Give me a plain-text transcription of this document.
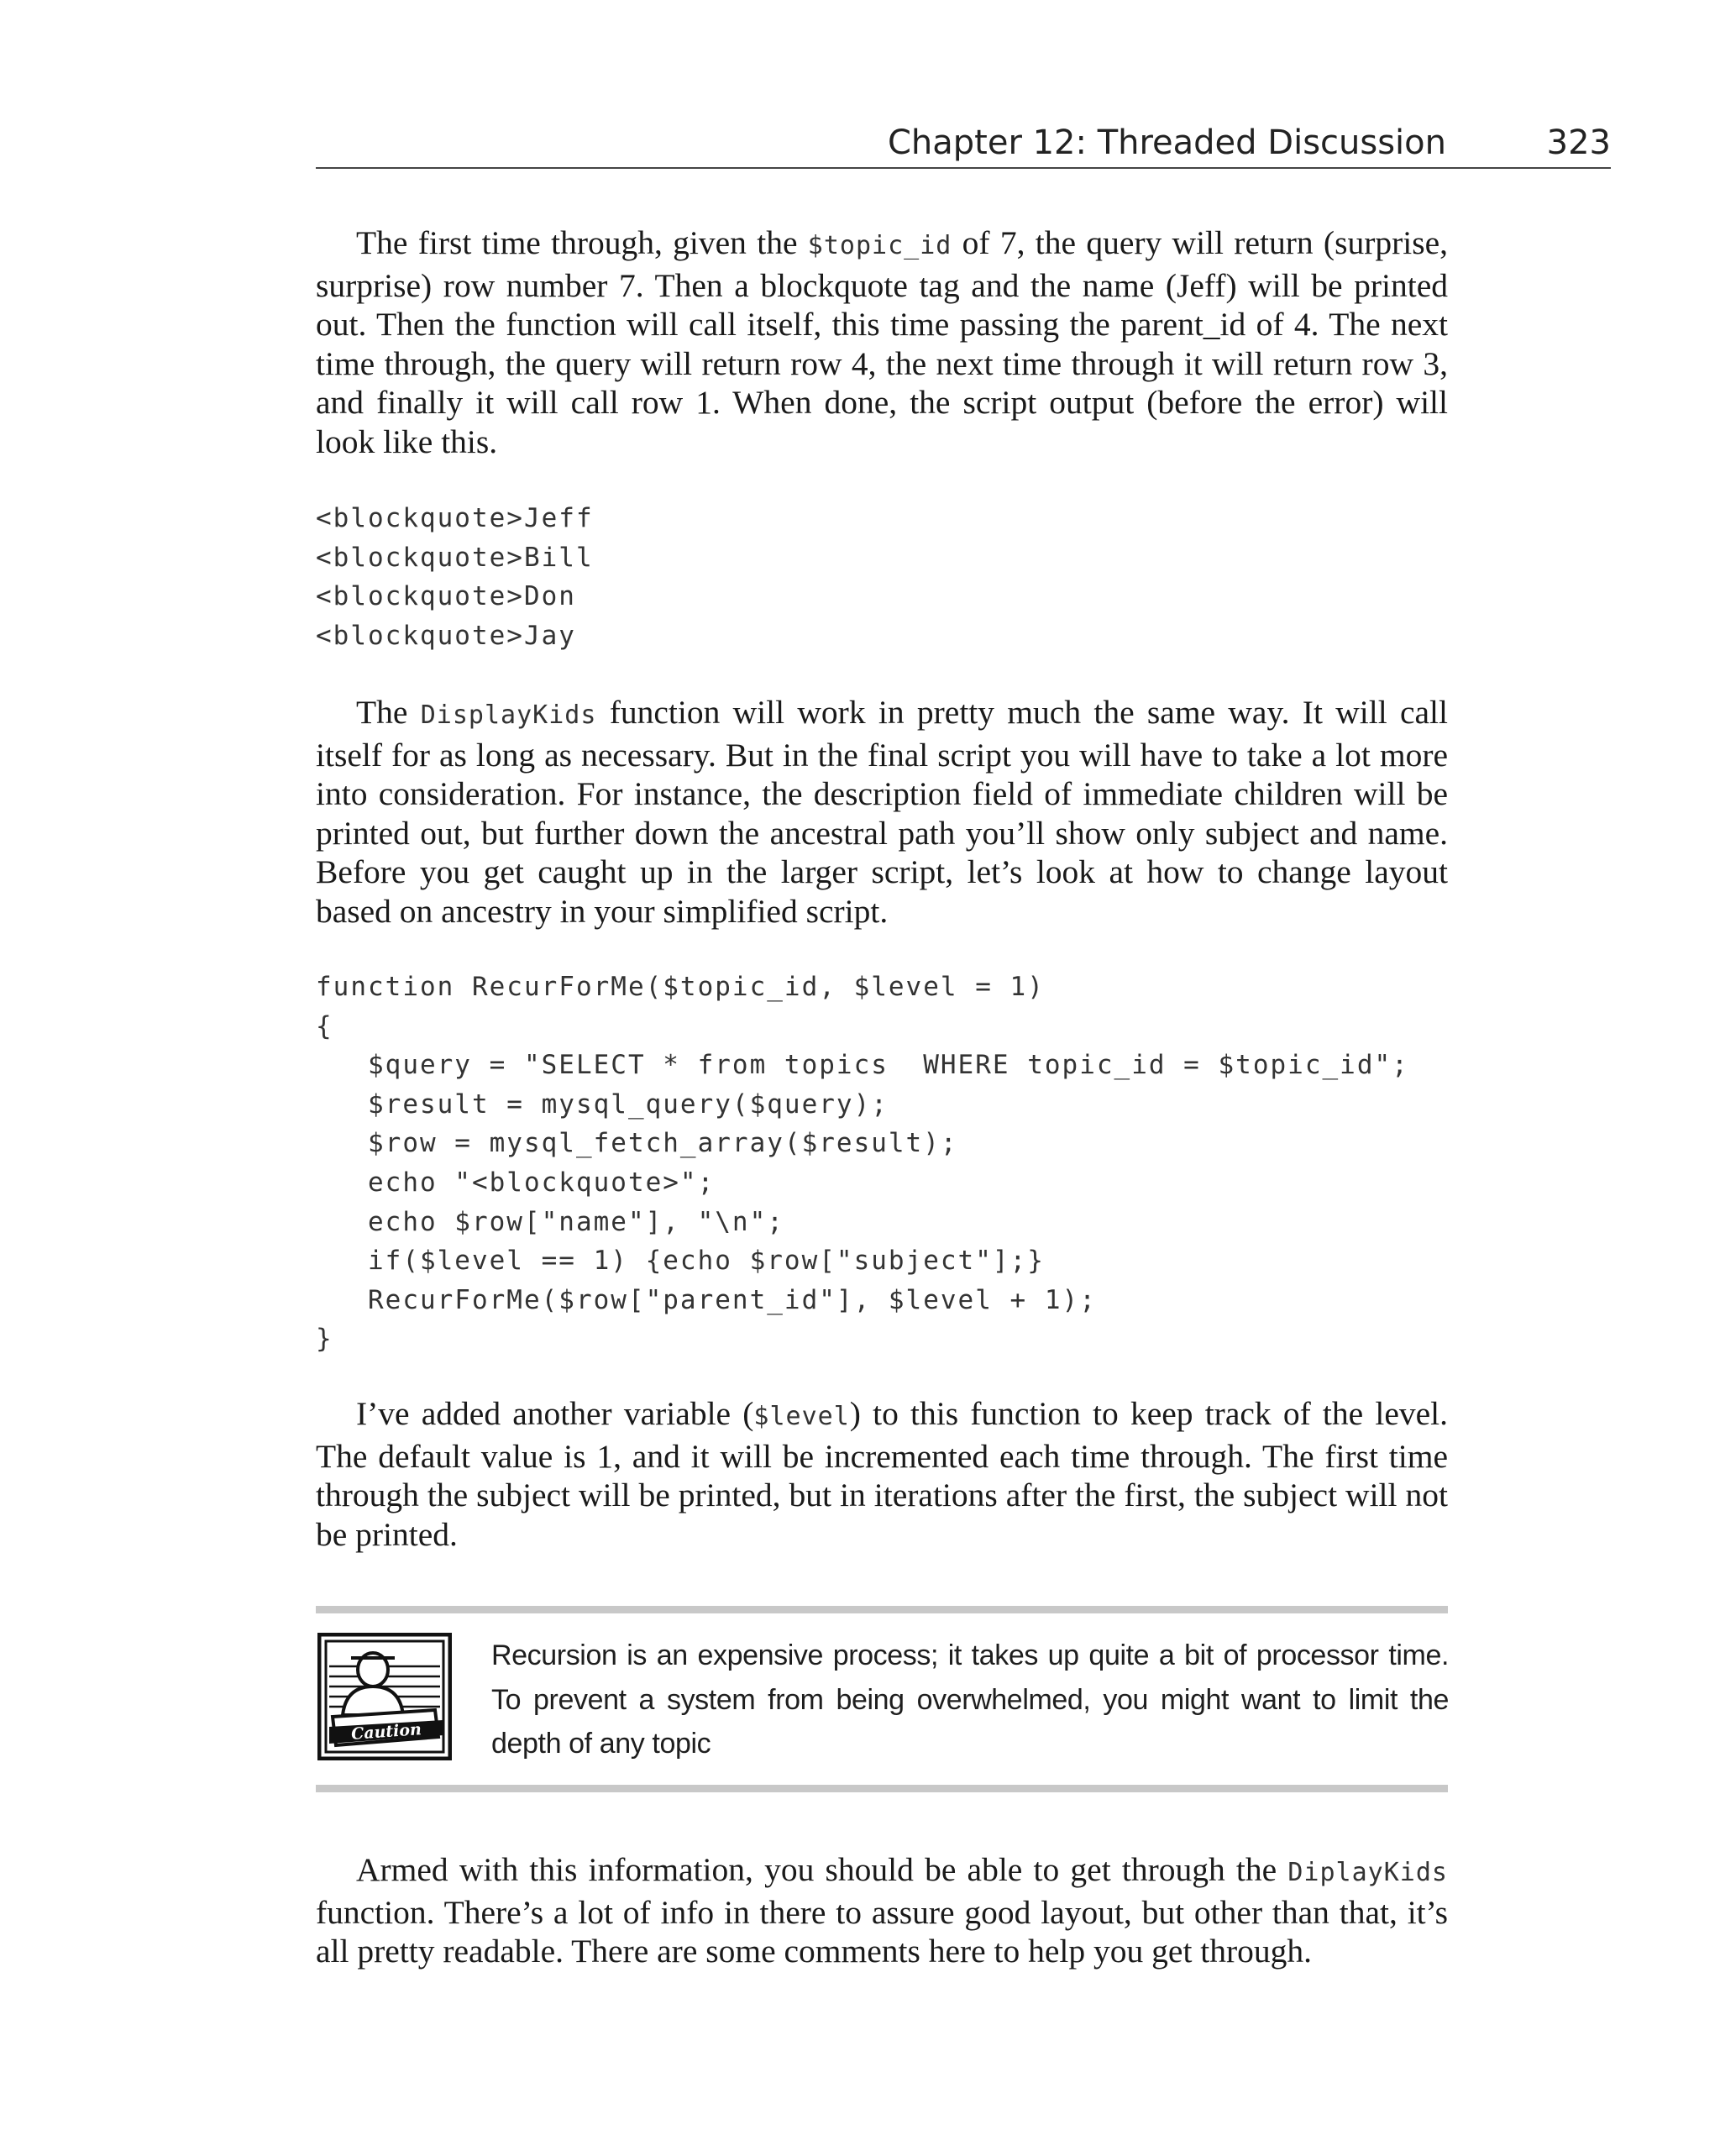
Chapter 12: Threaded Discussion	323

The first time through, given the $topic_id of 7, the query will return (surprise, surprise) row number 7. Then a blockquote tag and the name (Jeff) will be printed out. Then the function will call itself, this time passing the parent_id of 4. The next time through, the query will return row 4, the next time through it will return row 3, and finally it will call row 1. When done, the script output (before the error) will look like this.

<blockquote>Jeff
<blockquote>Bill
<blockquote>Don
<blockquote>Jay

The DisplayKids function will work in pretty much the same way. It will call itself for as long as necessary. But in the final script you will have to take a lot more into consideration. For instance, the description field of immediate children will be printed out, but further down the ancestral path you’ll show only subject and name. Before you get caught up in the larger script, let’s look at how to change layout based on ancestry in your simplified script.

function RecurForMe($topic_id, $level = 1)
{
$query = "SELECT * from topics  WHERE topic_id = $topic_id";
$result = mysql_query($query);
$row = mysql_fetch_array($result);
echo "<blockquote>";
echo $row["name"], "\n";
if($level == 1) {echo $row["subject"];}
RecurForMe($row["parent_id"], $level + 1);
}

I’ve added another variable ($level) to this function to keep track of the level. The default value is 1, and it will be incremented each time through. The first time through the subject will be printed, but in iterations after the first, the subject will not be printed.

Caution

Recursion is an expensive process; it takes up quite a bit of processor time. To prevent a system from being overwhelmed, you might want to limit the depth of any topic

Armed with this information, you should be able to get through the DiplayKids function. There’s a lot of info in there to assure good layout, but other than that, it’s all pretty readable. There are some comments here to help you get through.
